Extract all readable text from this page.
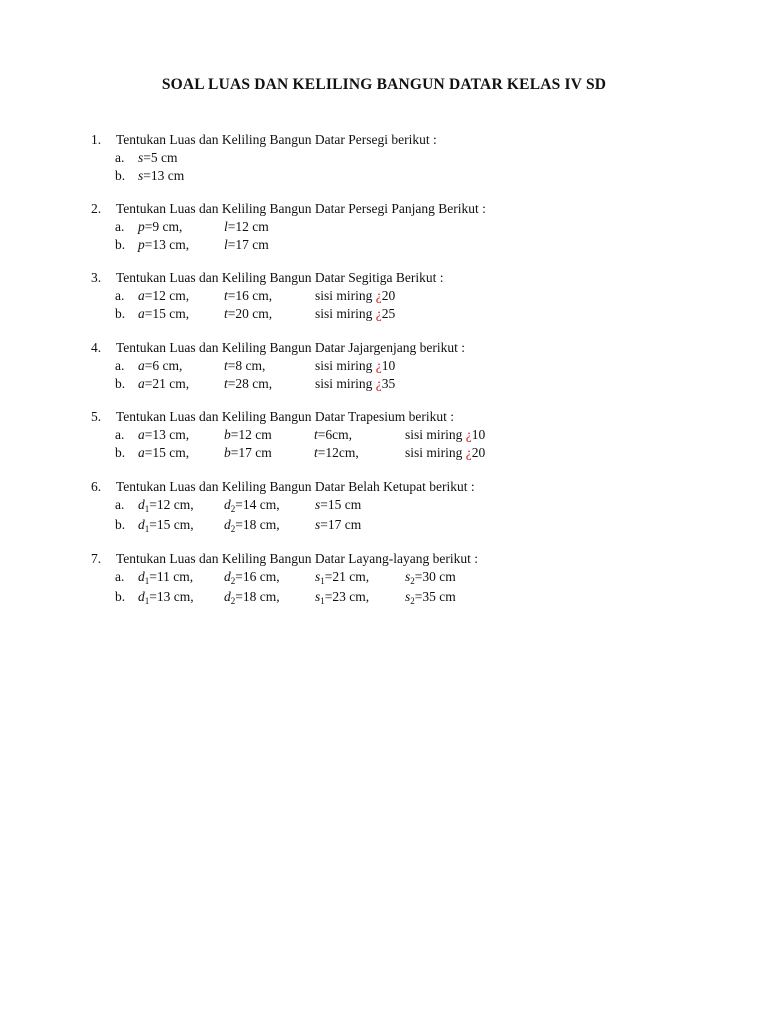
SOAL LUAS DAN KELILING BANGUN DATAR KELAS IV SD
1. Tentukan Luas dan Keliling Bangun Datar Persegi berikut :
a. s=5 cm
b. s=13 cm
2. Tentukan Luas dan Keliling Bangun Datar Persegi Panjang Berikut :
a. p=9 cm,	l=12 cm
b. p=13 cm,	l=17 cm
3. Tentukan Luas dan Keliling Bangun Datar Segitiga Berikut :
a. a=12 cm,	t=16 cm,	sisi miring ¿20
b. a=15 cm,	t=20 cm,	sisi miring ¿25
4. Tentukan Luas dan Keliling Bangun Datar Jajargenjang berikut :
a. a=6 cm,	t=8 cm,	sisi miring ¿10
b. a=21 cm,	t=28 cm,	sisi miring ¿35
5. Tentukan Luas dan Keliling Bangun Datar Trapesium berikut :
a. a=13 cm,	b=12 cm	t=6cm,	sisi miring ¿10
b. a=15 cm,	b=17 cm	t=12cm,	sisi miring ¿20
6. Tentukan Luas dan Keliling Bangun Datar Belah Ketupat berikut :
a. $d_1=12$ cm, $d_2=14$ cm,	s=15 cm
b. $d_1=15$ cm, $d_2=18$ cm,	s=17 cm
7. Tentukan Luas dan Keliling Bangun Datar Layang-layang berikut :
a. $d_1=11$ cm, $d_2=16$ cm,	$s_1=21$ cm,	$s_2=30$ cm
b. $d_1=13$ cm, $d_2=18$ cm,	$s_1=23$ cm,	$s_2=35$ cm
